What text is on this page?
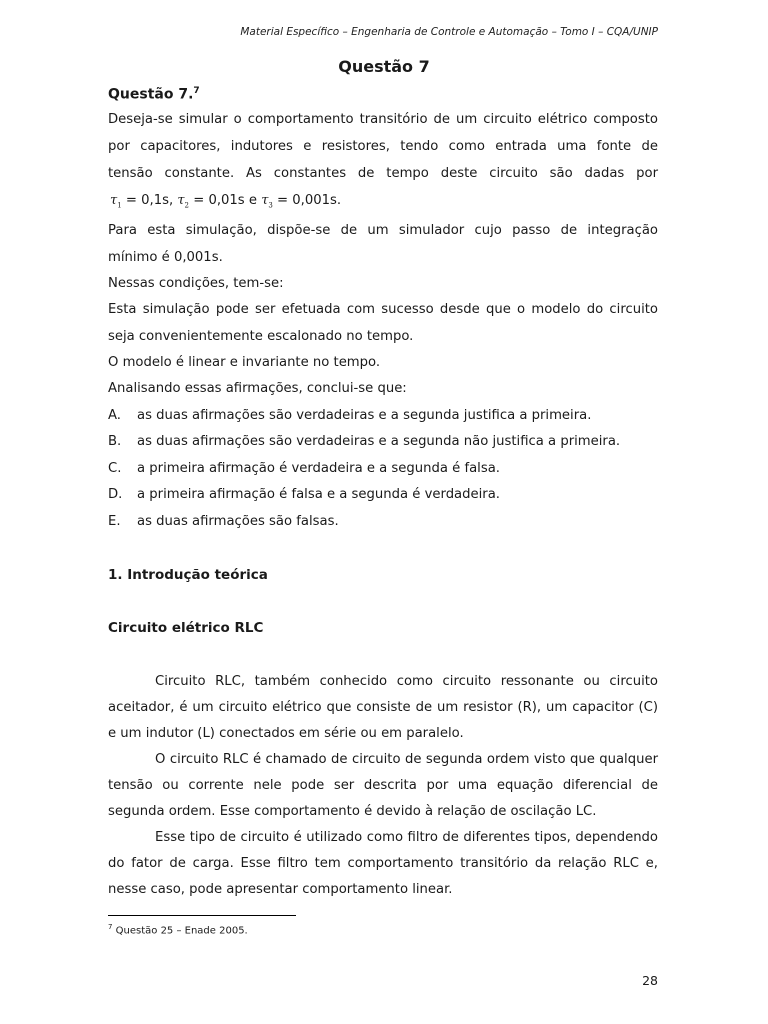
Material Específico – Engenharia de Controle e Automação – Tomo I – CQA/UNIP
Questão 7
Questão 7.$^7$
Deseja-se simular o comportamento transitório de um circuito elétrico composto
por capacitores, indutores e resistores, tendo como entrada uma fonte de
tensão constante. As constantes de tempo deste circuito são dadas por
$\tau_1 = 0,1s$, $\tau_2 = 0,01s$ e $\tau_3 = 0,001s$.
Para esta simulação, dispõe-se de um simulador cujo passo de integração
mínimo é 0,001s.
Nessas condições, tem-se:
Esta simulação pode ser efetuada com sucesso desde que o modelo do circuito
seja convenientemente escalonado no tempo.
O modelo é linear e invariante no tempo.
Analisando essas afirmações, conclui-se que:
A. as duas afirmações são verdadeiras e a segunda justifica a primeira.
B. as duas afirmações são verdadeiras e a segunda não justifica a primeira.
C. a primeira afirmação é verdadeira e a segunda é falsa.
D. a primeira afirmação é falsa e a segunda é verdadeira.
E. as duas afirmações são falsas.
1. Introdução teórica
Circuito elétrico RLC
Circuito RLC, também conhecido como circuito ressonante ou circuito aceitador, é um circuito elétrico que consiste de um resistor (R), um capacitor (C) e um indutor (L) conectados em série ou em paralelo.
O circuito RLC é chamado de circuito de segunda ordem visto que qualquer tensão ou corrente nele pode ser descrita por uma equação diferencial de segunda ordem. Esse comportamento é devido à relação de oscilação LC.
Esse tipo de circuito é utilizado como filtro de diferentes tipos, dependendo do fator de carga. Esse filtro tem comportamento transitório da relação RLC e, nesse caso, pode apresentar comportamento linear.
$^7$ Questão 25 – Enade 2005.
28
